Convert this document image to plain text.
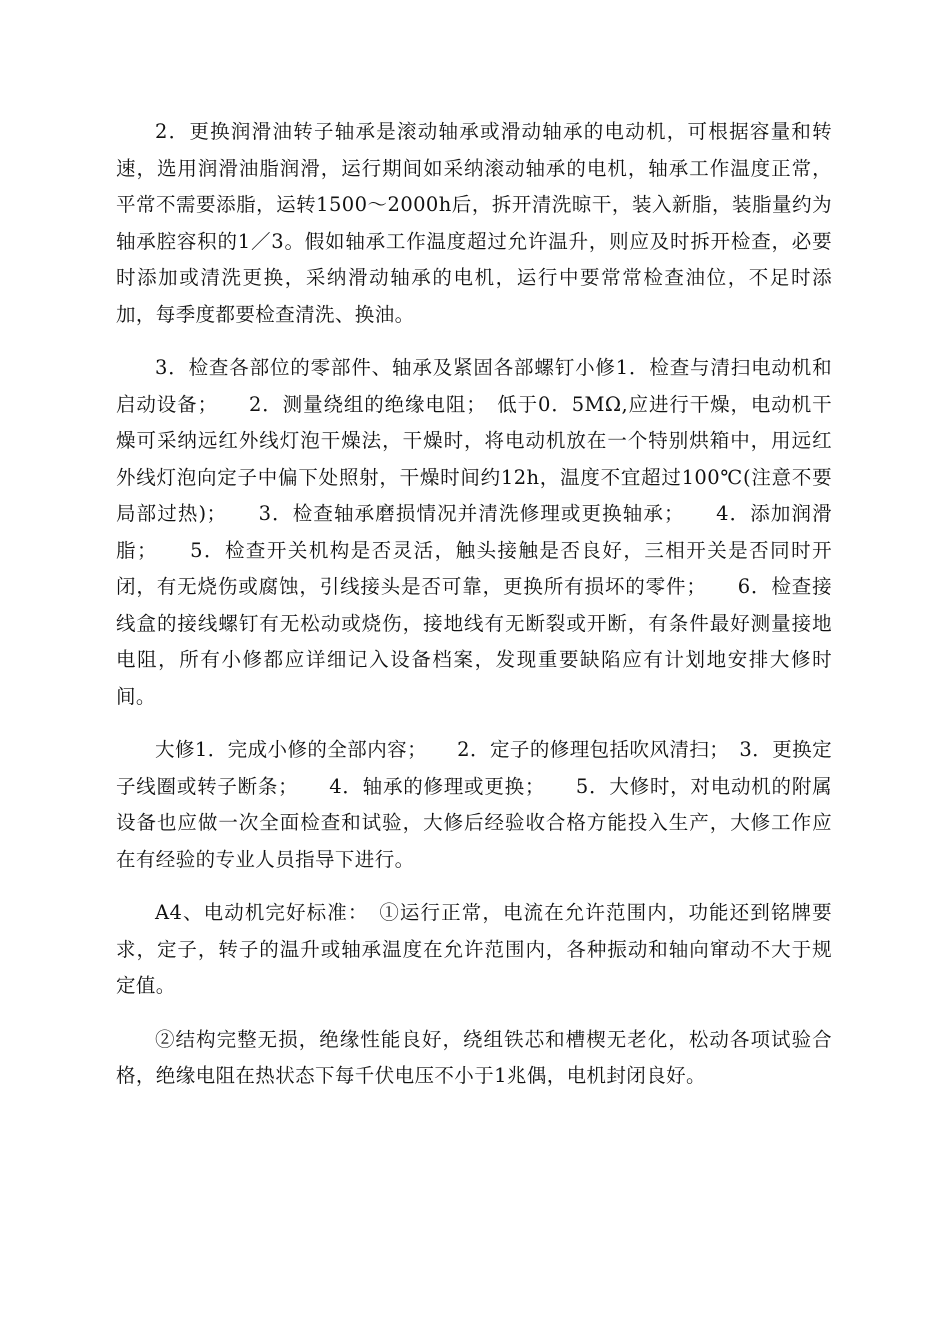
2．更换润滑油转子轴承是滚动轴承或滑动轴承的电动机，可根据容量和转速，选用润滑油脂润滑，运行期间如采纳滚动轴承的电机，轴承工作温度正常，平常不需要添脂，运转1500～2000h后，拆开清洗晾干，装入新脂，装脂量约为轴承腔容积的1／3。假如轴承工作温度超过允许温升，则应及时拆开检查，必要时添加或清洗更换，采纳滑动轴承的电机，运行中要常常检查油位，不足时添加，每季度都要检查清洗、换油。

3．检查各部位的零部件、轴承及紧固各部螺钉小修1．检查与清扫电动机和启动设备；　　2．测量绕组的绝缘电阻；　低于0．5MΩ,应进行干燥，电动机干燥可采纳远红外线灯泡干燥法，干燥时，将电动机放在一个特别烘箱中，用远红外线灯泡向定子中偏下处照射，干燥时间约12h，温度不宜超过100℃(注意不要局部过热)；　　3．检查轴承磨损情况并清洗修理或更换轴承；　　4．添加润滑脂；　　5．检查开关机构是否灵活，触头接触是否良好，三相开关是否同时开闭，有无烧伤或腐蚀，引线接头是否可靠，更换所有损坏的零件；　　6．检查接线盒的接线螺钉有无松动或烧伤，接地线有无断裂或开断，有条件最好测量接地电阻，所有小修都应详细记入设备档案，发现重要缺陷应有计划地安排大修时间。

大修1．完成小修的全部内容；　　2．定子的修理包括吹风清扫；　3．更换定子线圈或转子断条；　　4．轴承的修理或更换；　　5．大修时，对电动机的附属设备也应做一次全面检查和试验，大修后经验收合格方能投入生产，大修工作应在有经验的专业人员指导下进行。

A4、电动机完好标准：　①运行正常，电流在允许范围内，功能还到铭牌要求，定子，转子的温升或轴承温度在允许范围内，各种振动和轴向窜动不大于规定值。

②结构完整无损，绝缘性能良好，绕组铁芯和槽楔无老化，松动各项试验合格，绝缘电阻在热状态下每千伏电压不小于1兆偶，电机封闭良好。
